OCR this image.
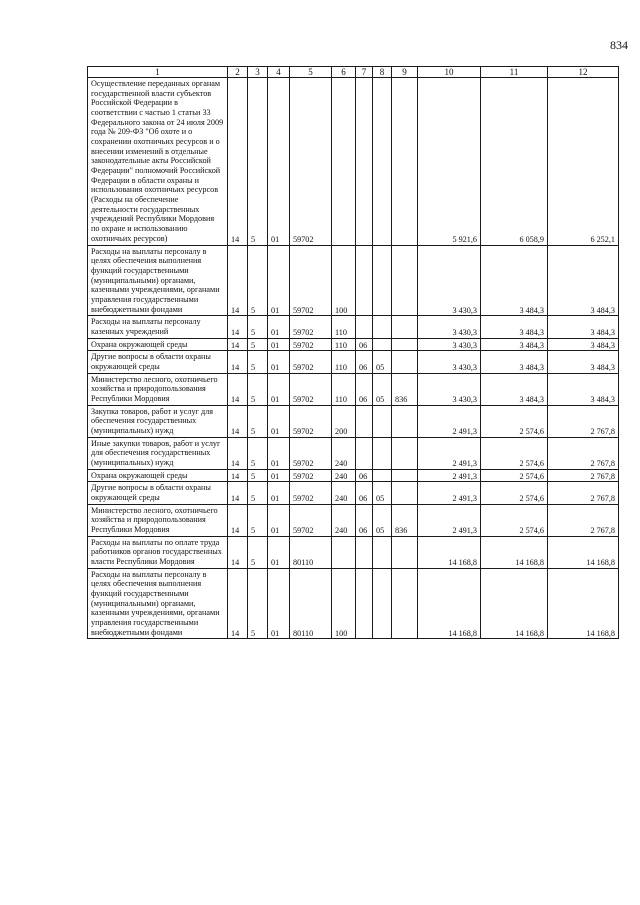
834
1	2	3	4	5	6	7	8	9	10	11	12
Осуществление переданных органам государственной власти субъектов Российской Федерации в соответствии с частью 1 статьи 33 Федерального закона от 24 июля 2009 года № 209-ФЗ "Об охоте и о сохранении охотничьих ресурсов и о внесении изменений в отдельные законодательные акты Российской Федерации" полномочий Российской Федерации в области охраны и использования охотничьих ресурсов (Расходы на обеспечение деятельности государственных учреждений Республики Мордовия по охране и использованию охотничьих ресурсов)	14	5	01	59702					5 921,6	6 058,9	6 252,1
Расходы на выплаты персоналу в целях обеспечения выполнения функций государственными (муниципальными) органами, казенными учреждениями, органами управления государственными внебюджетными фондами	14	5	01	59702	100				3 430,3	3 484,3	3 484,3
Расходы на выплаты персоналу казенных учреждений	14	5	01	59702	110				3 430,3	3 484,3	3 484,3
Охрана окружающей среды	14	5	01	59702	110	06			3 430,3	3 484,3	3 484,3
Другие вопросы в области охраны окружающей среды	14	5	01	59702	110	06	05		3 430,3	3 484,3	3 484,3
Министерство лесного, охотничьего хозяйства и природопользования Республики Мордовия	14	5	01	59702	110	06	05	836	3 430,3	3 484,3	3 484,3
Закупка товаров, работ и услуг для обеспечения государственных (муниципальных) нужд	14	5	01	59702	200				2 491,3	2 574,6	2 767,8
Иные закупки товаров, работ и услуг для обеспечения государственных (муниципальных) нужд	14	5	01	59702	240				2 491,3	2 574,6	2 767,8
Охрана окружающей среды	14	5	01	59702	240	06			2 491,3	2 574,6	2 767,8
Другие вопросы в области охраны окружающей среды	14	5	01	59702	240	06	05		2 491,3	2 574,6	2 767,8
Министерство лесного, охотничьего хозяйства и природопользования Республики Мордовия	14	5	01	59702	240	06	05	836	2 491,3	2 574,6	2 767,8
Расходы на выплаты по оплате труда работников органов государственных власти Республики Мордовия	14	5	01	80110					14 168,8	14 168,8	14 168,8
Расходы на выплаты персоналу в целях обеспечения выполнения функций государственными (муниципальными) органами, казенными учреждениями, органами управления государственными внебюджетными фондами	14	5	01	80110	100				14 168,8	14 168,8	14 168,8
